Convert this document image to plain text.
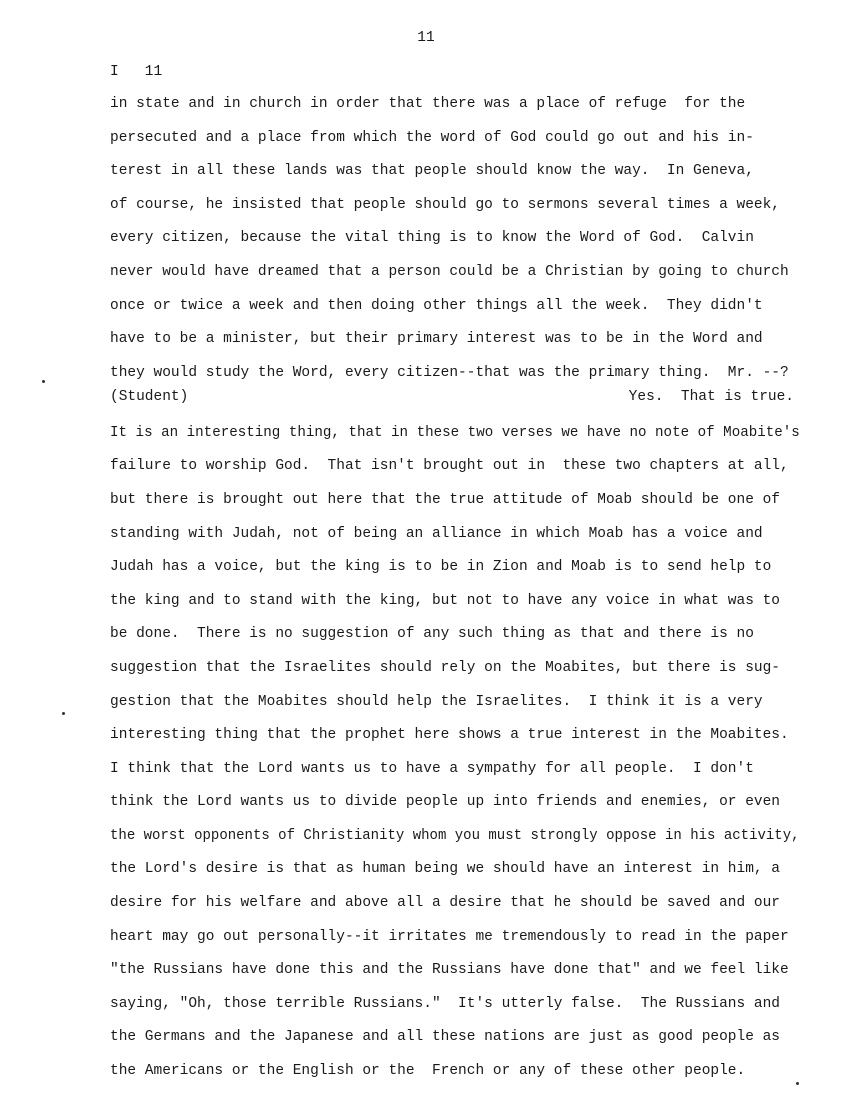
11
I   11
in state and in church in order that there was a place of refuge  for the
persecuted and a place from which the word of God could go out and his in-
terest in all these lands was that people should know the way.  In Geneva,
of course, he insisted that people should go to sermons several times a week,
every citizen, because the vital thing is to know the Word of God.  Calvin
never would have dreamed that a person could be a Christian by going to church
once or twice a week and then doing other things all the week.  They didn't
have to be a minister, but their primary interest was to be in the Word and
they would study the Word, every citizen--that was the primary thing.  Mr. --?
(Student)	Yes.  That is true.
It is an interesting thing, that in these two verses we have no note of Moabite's
failure to worship God.  That isn't brought out in  these two chapters at all,
but there is brought out here that the true attitude of Moab should be one of
standing with Judah, not of being an alliance in which Moab has a voice and
Judah has a voice, but the king is to be in Zion and Moab is to send help to
the king and to stand with the king, but not to have any voice in what was to
be done.  There is no suggestion of any such thing as that and there is no
suggestion that the Israelites should rely on the Moabites, but there is sug-
gestion that the Moabites should help the Israelites.  I think it is a very
interesting thing that the prophet here shows a true interest in the Moabites.
I think that the Lord wants us to have a sympathy for all people.  I don't
think the Lord wants us to divide people up into friends and enemies, or even
the worst opponents of Christianity whom you must strongly oppose in his activity,
the Lord's desire is that as human being we should have an interest in him, a
desire for his welfare and above all a desire that he should be saved and our
heart may go out personally--it irritates me tremendously to read in the paper
"the Russians have done this and the Russians have done that" and we feel like
saying, "Oh, those terrible Russians."  It's utterly false.  The Russians and
the Germans and the Japanese and all these nations are just as good people as
the Americans or the English or the  French or any of these other people.
